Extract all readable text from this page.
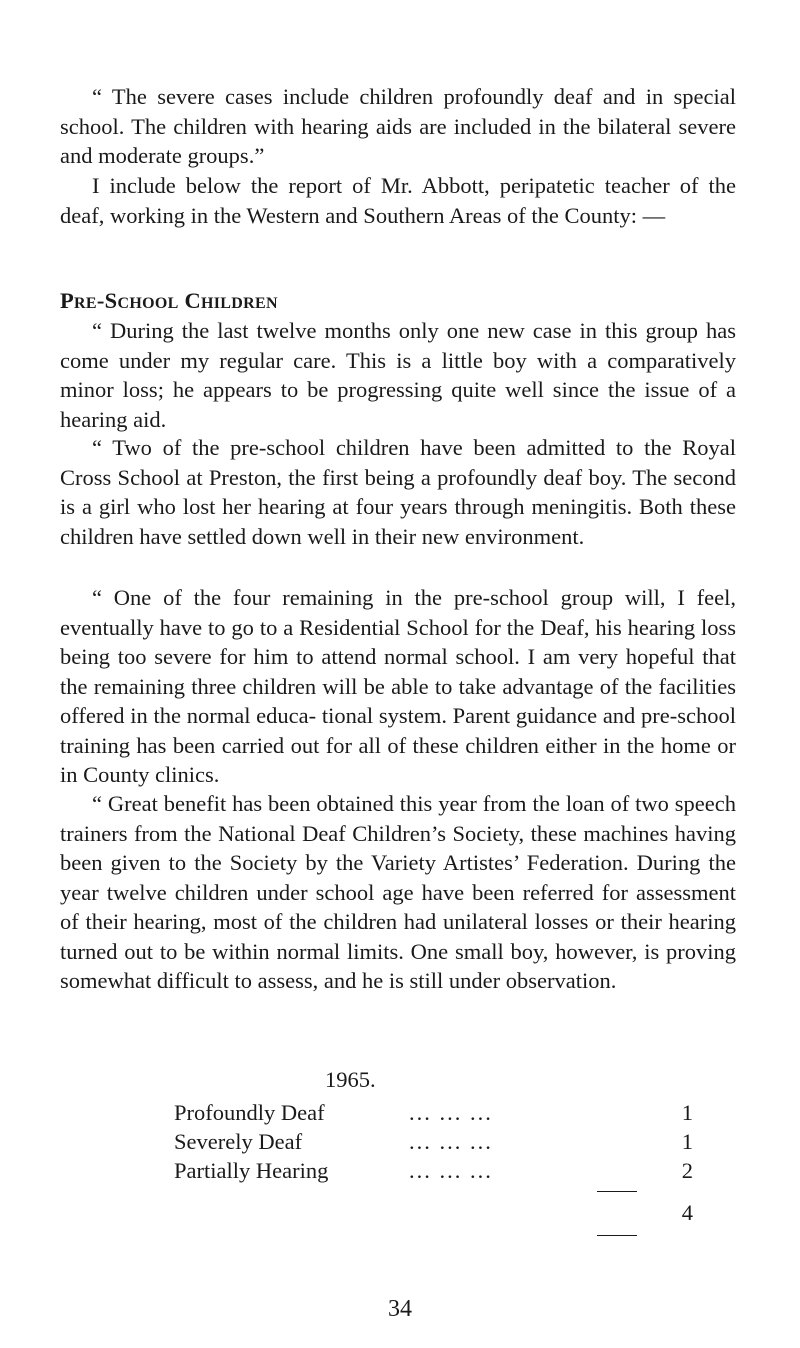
“ The severe cases include children profoundly deaf and in special school. The children with hearing aids are included in the bilateral severe and moderate groups.”

I include below the report of Mr. Abbott, peripatetic teacher of the deaf, working in the Western and Southern Areas of the County: —

Pre-School Children

“ During the last twelve months only one new case in this group has come under my regular care. This is a little boy with a comparatively minor loss; he appears to be progressing quite well since the issue of a hearing aid.

“ Two of the pre-school children have been admitted to the Royal Cross School at Preston, the first being a profoundly deaf boy. The second is a girl who lost her hearing at four years through meningitis. Both these children have settled down well in their new environment.

“ One of the four remaining in the pre-school group will, I feel, eventually have to go to a Residential School for the Deaf, his hearing loss being too severe for him to attend normal school. I am very hopeful that the remaining three children will be able to take advantage of the facilities offered in the normal educa- tional system. Parent guidance and pre-school training has been carried out for all of these children either in the home or in County clinics.

“ Great benefit has been obtained this year from the loan of two speech trainers from the National Deaf Children’s Society, these machines having been given to the Society by the Variety Artistes’ Federation. During the year twelve children under school age have been referred for assessment of their hearing, most of the children had unilateral losses or their hearing turned out to be within normal limits. One small boy, however, is proving somewhat difficult to assess, and he is still under observation.

1965.
Profoundly Deaf	... ... ...	1
Severely Deaf	... ... ...	1
Partially Hearing	... ... ...	2
4
34
